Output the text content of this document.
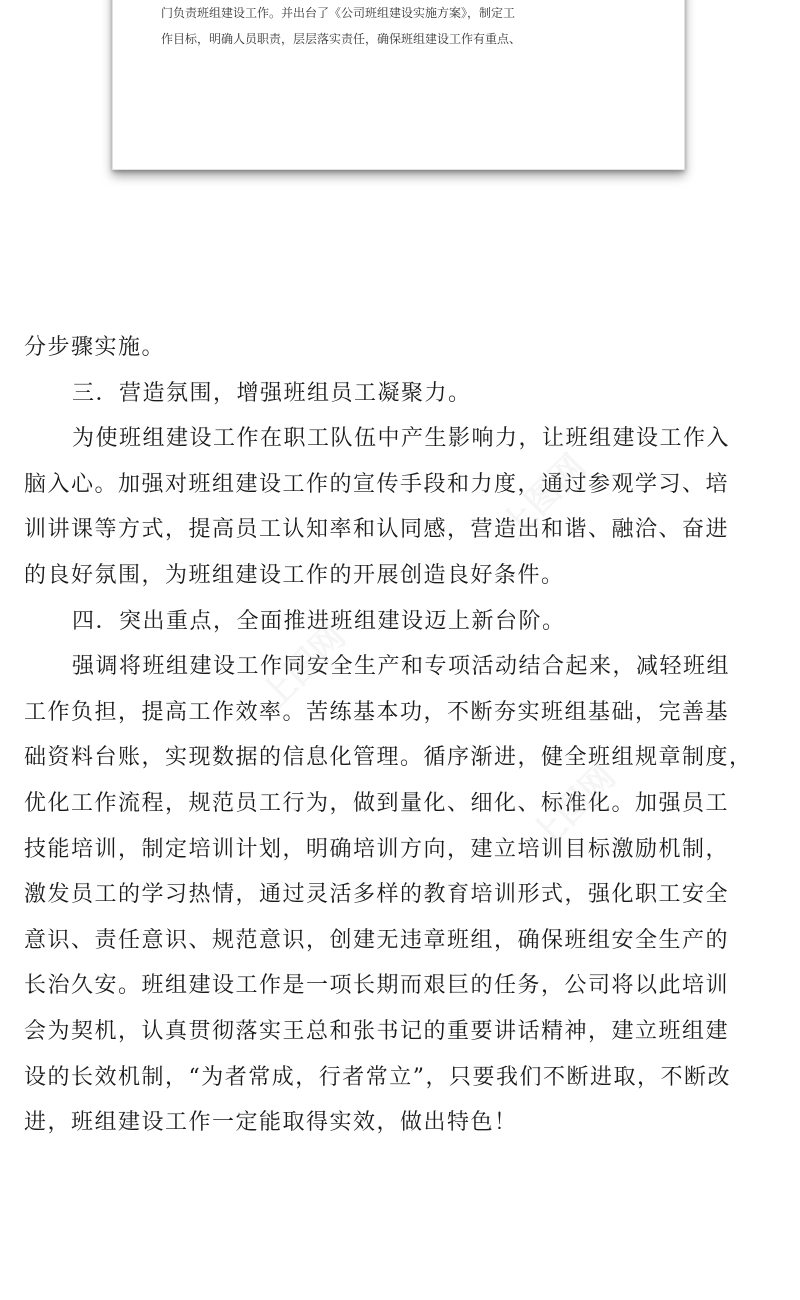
门负责班组建设工作。并出台了《公司班组建设实施方案》，制定工

作目标，明确人员职责，层层落实责任，确保班组建设工作有重点、

分步骤实施。

三．营造氛围，增强班组员工凝聚力。

为使班组建设工作在职工队伍中产生影响力，让班组建设工作入

脑入心。加强对班组建设工作的宣传手段和力度，通过参观学习、培

训讲课等方式，提高员工认知率和认同感，营造出和谐、融洽、奋进

的良好氛围，为班组建设工作的开展创造良好条件。

四．突出重点，全面推进班组建设迈上新台阶。

强调将班组建设工作同安全生产和专项活动结合起来，减轻班组

工作负担，提高工作效率。苦练基本功，不断夯实班组基础，完善基

础资料台账，实现数据的信息化管理。循序渐进，健全班组规章制度，

优化工作流程，规范员工行为，做到量化、细化、标准化。加强员工

技能培训，制定培训计划，明确培训方向，建立培训目标激励机制，

激发员工的学习热情，通过灵活多样的教育培训形式，强化职工安全

意识、责任意识、规范意识，创建无违章班组，确保班组安全生产的

长治久安。班组建设工作是一项长期而艰巨的任务，公司将以此培训

会为契机，认真贯彻落实王总和张书记的重要讲话精神，建立班组建

设的长效机制，“为者常成，行者常立”，只要我们不断进取，不断改

进，班组建设工作一定能取得实效，做出特色！

上图网
上图网
上图网
